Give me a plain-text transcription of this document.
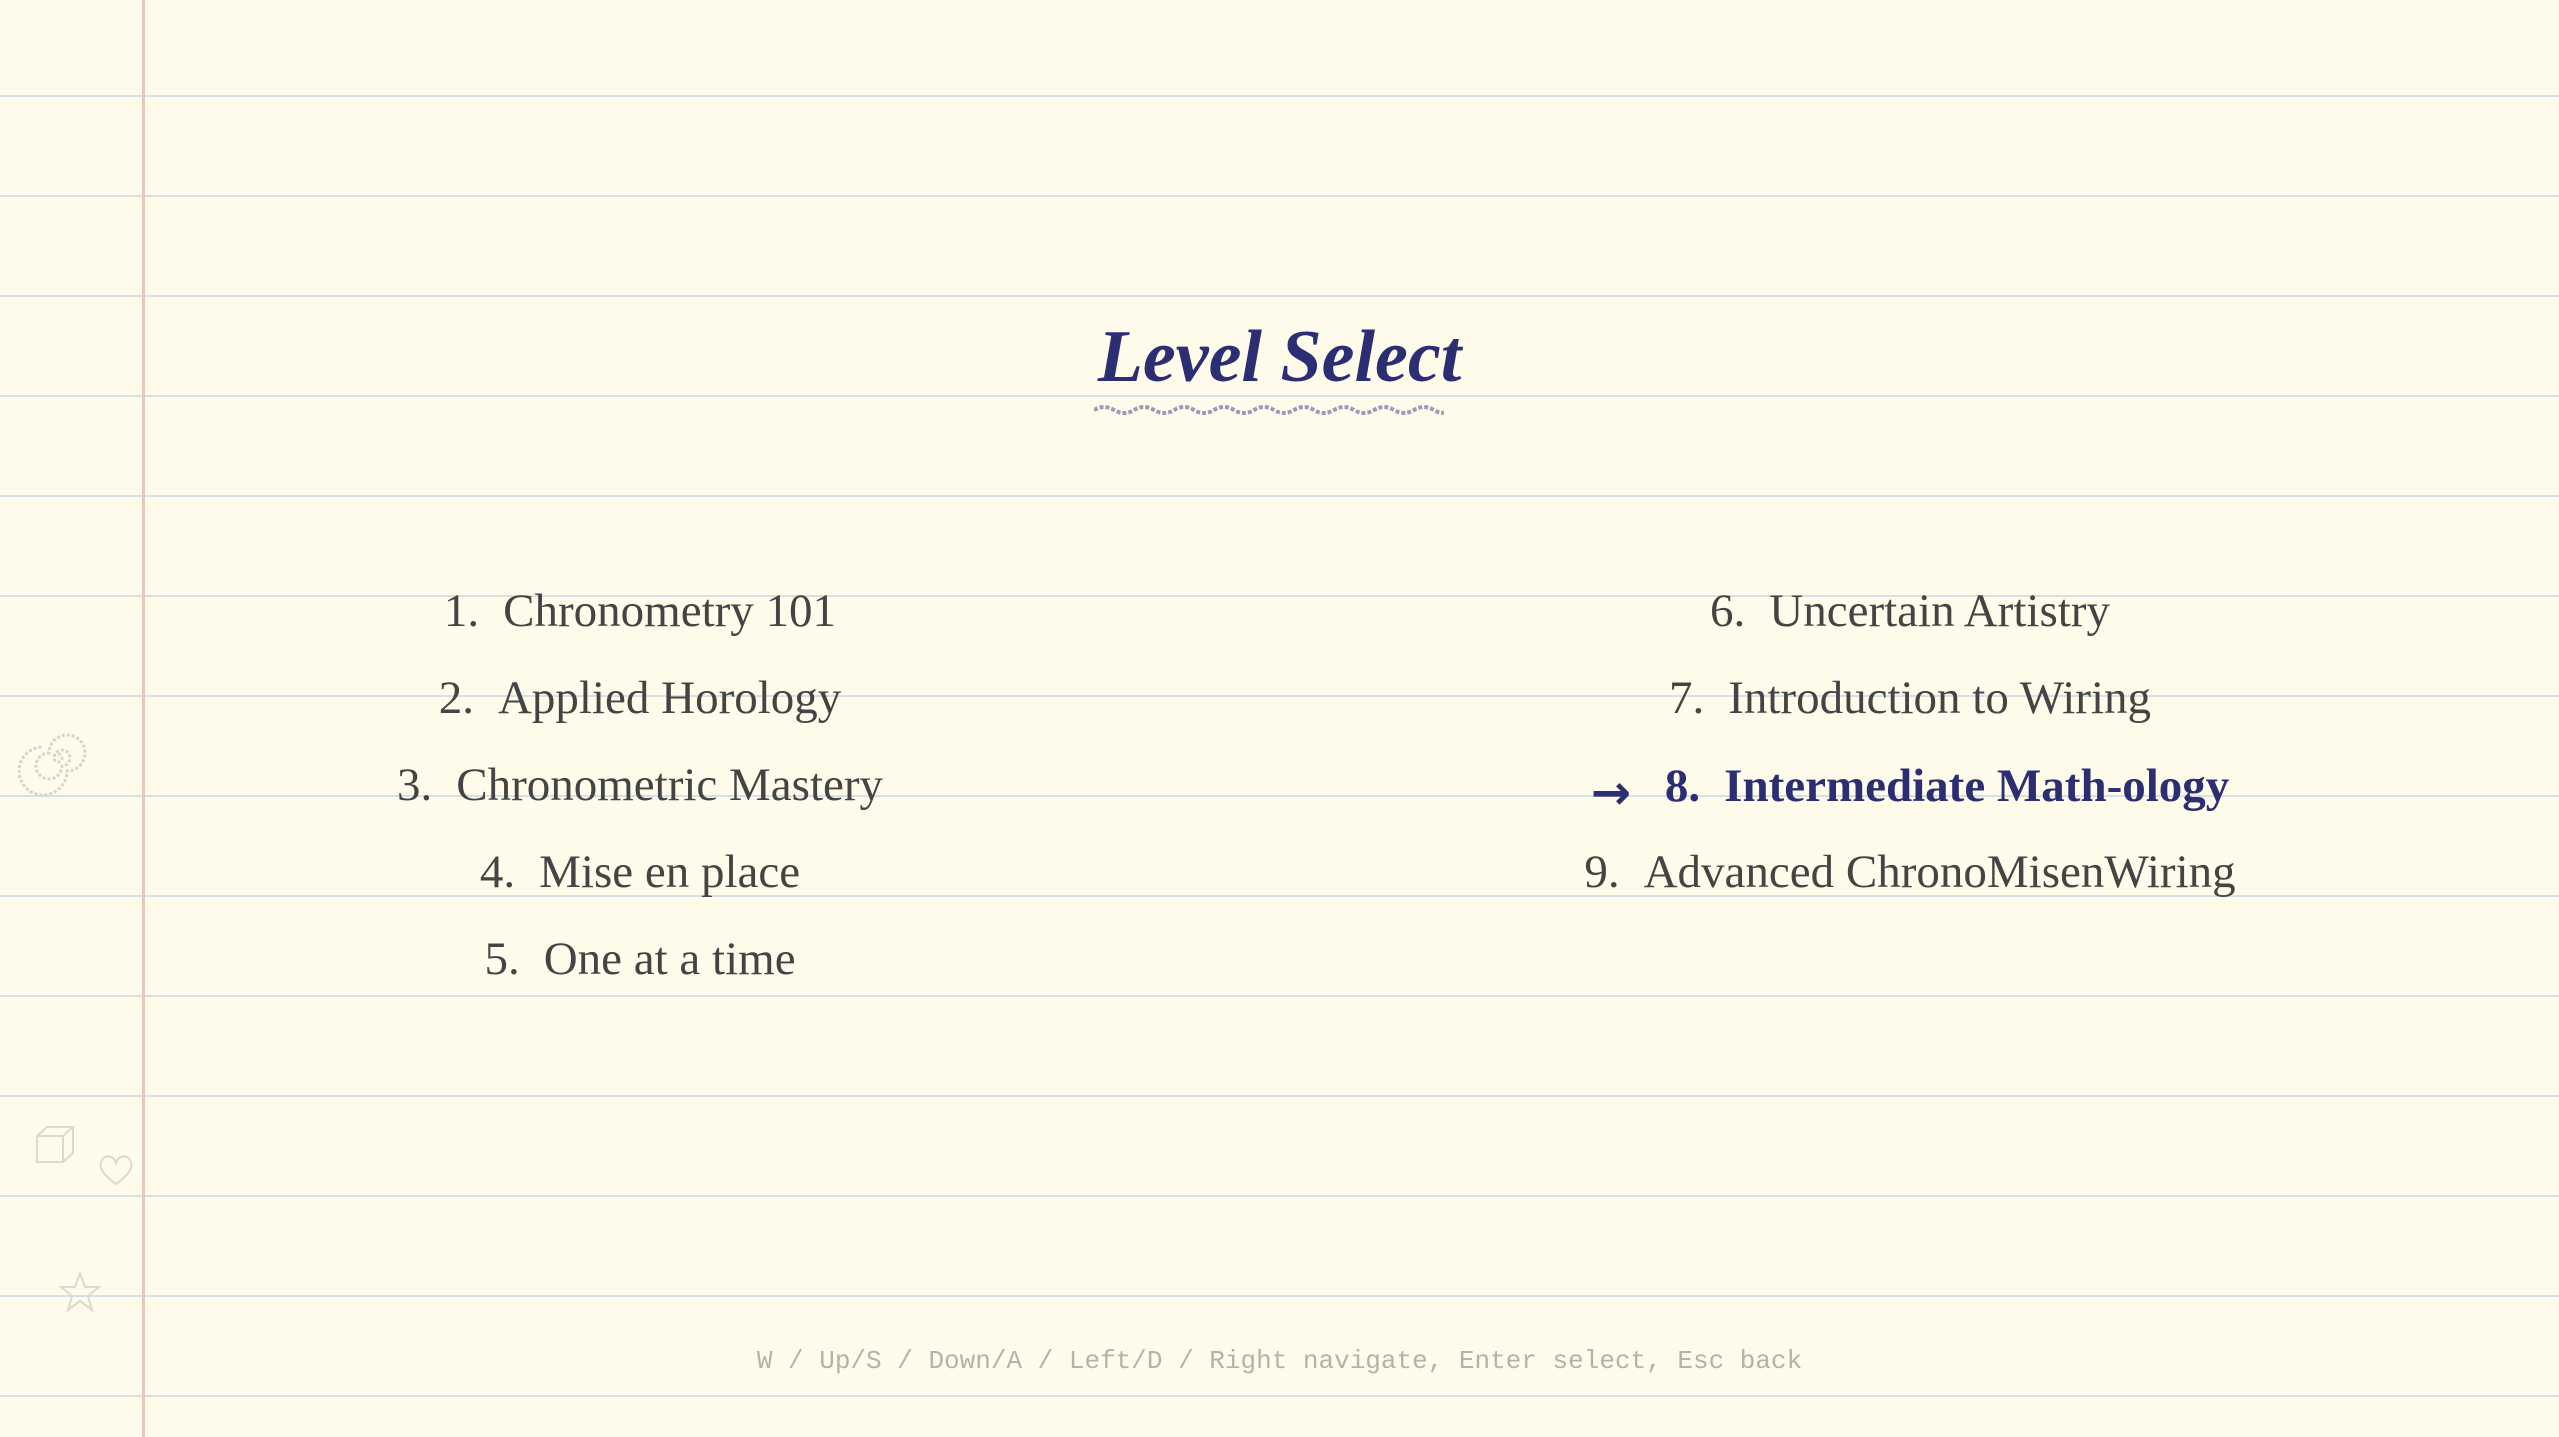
Level Select
1. Chronometry 101
2. Applied Horology
3. Chronometric Mastery
4. Mise en place
5. One at a time
6. Uncertain Artistry
7. Introduction to Wiring
→ 8. Intermediate Math-ology
9. Advanced ChronoMisenWiring
W / Up/S / Down/A / Left/D / Right navigate, Enter select, Esc back
